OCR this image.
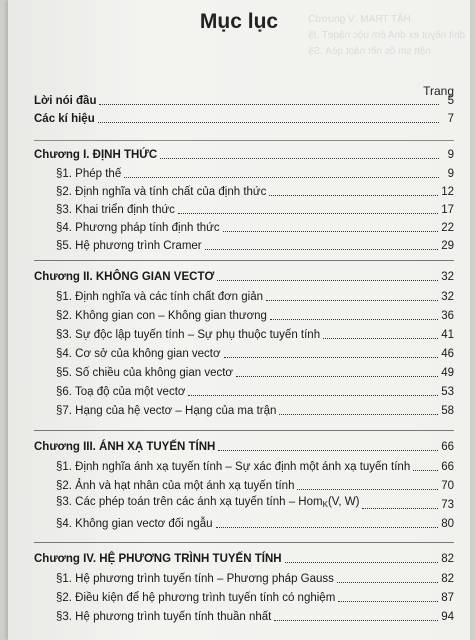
HẬT TRAM .V gnươdƆ
dnit nêyut ex dnA ém uộc nậqeT .I§
nậtt sm ôs nềt nàot qéA .S§
Mục lục
Trang
Lời nói đầu	5
Các kí hiệu	7
Chương I. ĐỊNH THỨC	9
§1. Phép thế	9
§2. Định nghĩa và tính chất của định thức	12
§3. Khai triển định thức	17
§4. Phương pháp tính định thức	22
§5. Hệ phương trình Cramer	29
Chương II. KHÔNG GIAN VECTƠ	32
§1. Định nghĩa và các tính chất đơn giản	32
§2. Không gian con – Không gian thương	36
§3. Sự độc lập tuyến tính – Sự phụ thuộc tuyến tính	41
§4. Cơ sở của không gian vectơ	46
§5. Số chiều của không gian vectơ	49
§6. Toạ độ của một vectơ	53
§7. Hạng của hệ vectơ – Hạng của ma trận	58
Chương III. ÁNH XẠ TUYẾN TÍNH	66
§1. Định nghĩa ánh xạ tuyến tính – Sự xác định một ánh xạ tuyến tính	66
§2. Ảnh và hạt nhân của một ánh xạ tuyến tính	70
§3. Các phép toán trên các ánh xạ tuyến tính – Hom$_K$(V, W)	73
§4. Không gian vectơ đối ngẫu	80
Chương IV. HỆ PHƯƠNG TRÌNH TUYẾN TÍNH	82
§1. Hệ phương trình tuyến tính – Phương pháp Gauss	82
§2. Điều kiện để hệ phương trình tuyến tính có nghiệm	87
§3. Hệ phương trình tuyến tính thuần nhất	94
